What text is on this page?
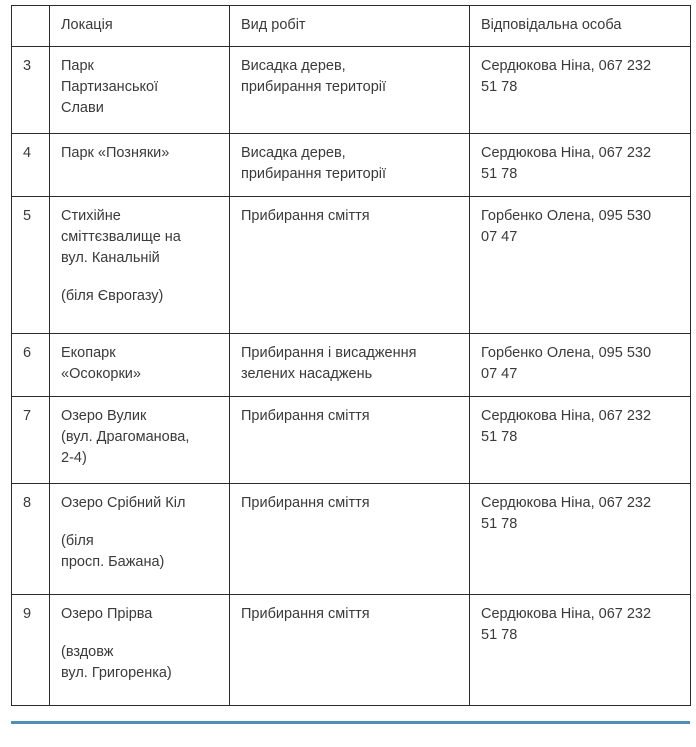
	Локація	Вид робіт	Відповідальна особа
3	Парк
Партизанської
Слави	Висадка дерев,
прибирання території	Сердюкова Ніна, 067 232
51 78

4	Парк «Позняки»	Висадка дерев,
прибирання території	Сердюкова Ніна, 067 232
51 78

5	Стихійне
сміттєзвалище на
вул. Канальній
(біля Єврогазу)	Прибирання сміття	Горбенко Олена, 095 530
07 47

6	Екопарк
«Осокорки»	Прибирання і висадження
зелених насаджень	Горбенко Олена, 095 530
07 47

7	Озеро Вулик
(вул. Драгоманова,
2-4)	Прибирання сміття	Сердюкова Ніна, 067 232
51 78

8	Озеро Срібний Кіл
(біля
просп. Бажана)	Прибирання сміття	Сердюкова Ніна, 067 232
51 78

9	Озеро Прірва
(вздовж
вул. Григоренка)	Прибирання сміття	Сердюкова Ніна, 067 232
51 78
